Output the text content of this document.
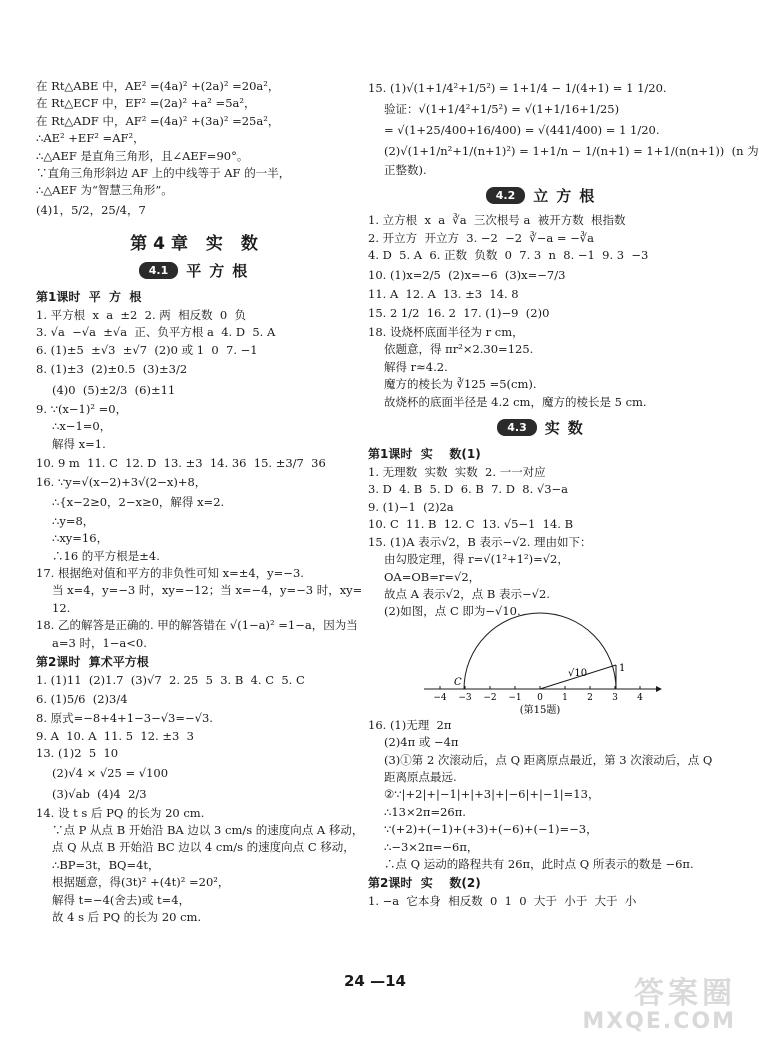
在 Rt△ABE 中，AE² =(4a)² +(2a)² =20a²，
在 Rt△ECF 中，EF² =(2a)² +a² =5a²，
在 Rt△ADF 中，AF² =(4a)² +(3a)² =25a²，
∴AE² +EF² =AF²，
∴△AEF 是直角三角形，且∠AEF=90°。
∵直角三角形斜边 AF 上的中线等于 AF 的一半，
∴△AEF 为“智慧三角形”。
(4)1，5/2，25/4，7
第4章 实 数
4.1	平方根
第1课时  平  方  根
1. 平方根  x  a  ±2  2. 两  相反数  0  负
3. √a  −√a  ±√a  正、负平方根 a  4. D  5. A
6. (1)±5  ±√3  ±√7  (2)0 或 1  0  7. −1
8. (1)±3  (2)±0.5  (3)±3/2
(4)0  (5)±2/3  (6)±11
9. ∵(x−1)² =0，
∴x−1=0，
解得 x=1.
10. 9 m  11. C  12. D  13. ±3  14. 36  15. ±3/7  36
16. ∵y=√(x−2)+3√(2−x)+8，
∴{x−2≥0，2−x≥0，解得 x=2.
∴y=8，
∴xy=16，
∴16 的平方根是±4.
17. 根据绝对值和平方的非负性可知 x=±4，y=−3.
当 x=4，y=−3 时，xy=−12；当 x=−4，y=−3 时，xy=
12.
18. 乙的解答是正确的. 甲的解答错在 √(1−a)² =1−a，因为当
a=3 时，1−a<0.
第2课时  算术平方根
1. (1)11  (2)1.7  (3)√7  2. 25  5  3. B  4. C  5. C
6. (1)5/6  (2)3/4
8. 原式=−8+4+1−3−√3=−√3.
9. A  10. A  11. 5  12. ±3  3
13. (1)2  5  10
(2)√4 × √25 = √100
(3)√ab  (4)4  2/3
14. 设 t s 后 PQ 的长为 20 cm.
∵点 P 从点 B 开始沿 BA 边以 3 cm/s 的速度向点 A 移动，
点 Q 从点 B 开始沿 BC 边以 4 cm/s 的速度向点 C 移动，
∴BP=3t，BQ=4t，
根据题意，得(3t)² +(4t)² =20²，
解得 t=−4(舍去)或 t=4，
故 4 s 后 PQ 的长为 20 cm.
15. (1)√(1+1/4²+1/5²) = 1+1/4 − 1/(4+1) = 1 1/20.
验证：√(1+1/4²+1/5²) = √(1+1/16+1/25)
= √(1+25/400+16/400) = √(441/400) = 1 1/20.
(2)√(1+1/n²+1/(n+1)²) = 1+1/n − 1/(n+1) = 1+1/(n(n+1))  (n 为
正整数).
4.2	立方根
1. 立方根  x  a  ∛a  三次根号 a  被开方数  根指数
2. 开立方  开立方  3. −2  −2  ∛−a = −∛a
4. D  5. A  6. 正数  负数  0  7. 3  n  8. −1  9. 3  −3
10. (1)x=2/5  (2)x=−6  (3)x=−7/3
11. A  12. A  13. ±3  14. 8
15. 2 1/2  16. 2  17. (1)−9  (2)0
18. 设烧杯底面半径为 r cm，
依题意，得 πr²×2.30=125.
解得 r≈4.2.
魔方的棱长为 ∛125 =5(cm).
故烧杯的底面半径是 4.2 cm，魔方的棱长是 5 cm.
4.3	实数
第1课时  实    数(1)
1. 无理数  实数  实数  2. 一一对应
3. D  4. B  5. D  6. B  7. D  8. √3−a
9. (1)−1  (2)2a
10. C  11. B  12. C  13. √5−1  14. B
15. (1)A 表示√2，B 表示−√2. 理由如下：
由勾股定理，得 r=√(1²+1²)=√2，
OA=OB=r=√2，
故点 A 表示√2，点 B 表示−√2.
(2)如图，点 C 即为−√10.
−4 −3 −2 −1 0 1 2 3 4
C
√10	1
(第15题)
16. (1)无理  2π
(2)4π 或 −4π
(3)①第 2 次滚动后，点 Q 距离原点最近，第 3 次滚动后，点 Q
距离原点最远.
②∵|+2|+|−1|+|+3|+|−6|+|−1|=13，
∴13×2π=26π.
∵(+2)+(−1)+(+3)+(−6)+(−1)=−3，
∴−3×2π=−6π，
∴点 Q 运动的路程共有 26π，此时点 Q 所表示的数是 −6π.
第2课时  实    数(2)
1. −a  它本身  相反数  0  1  0  大于  小于  大于  小
24 —14	答案圈
MXQE.COM
